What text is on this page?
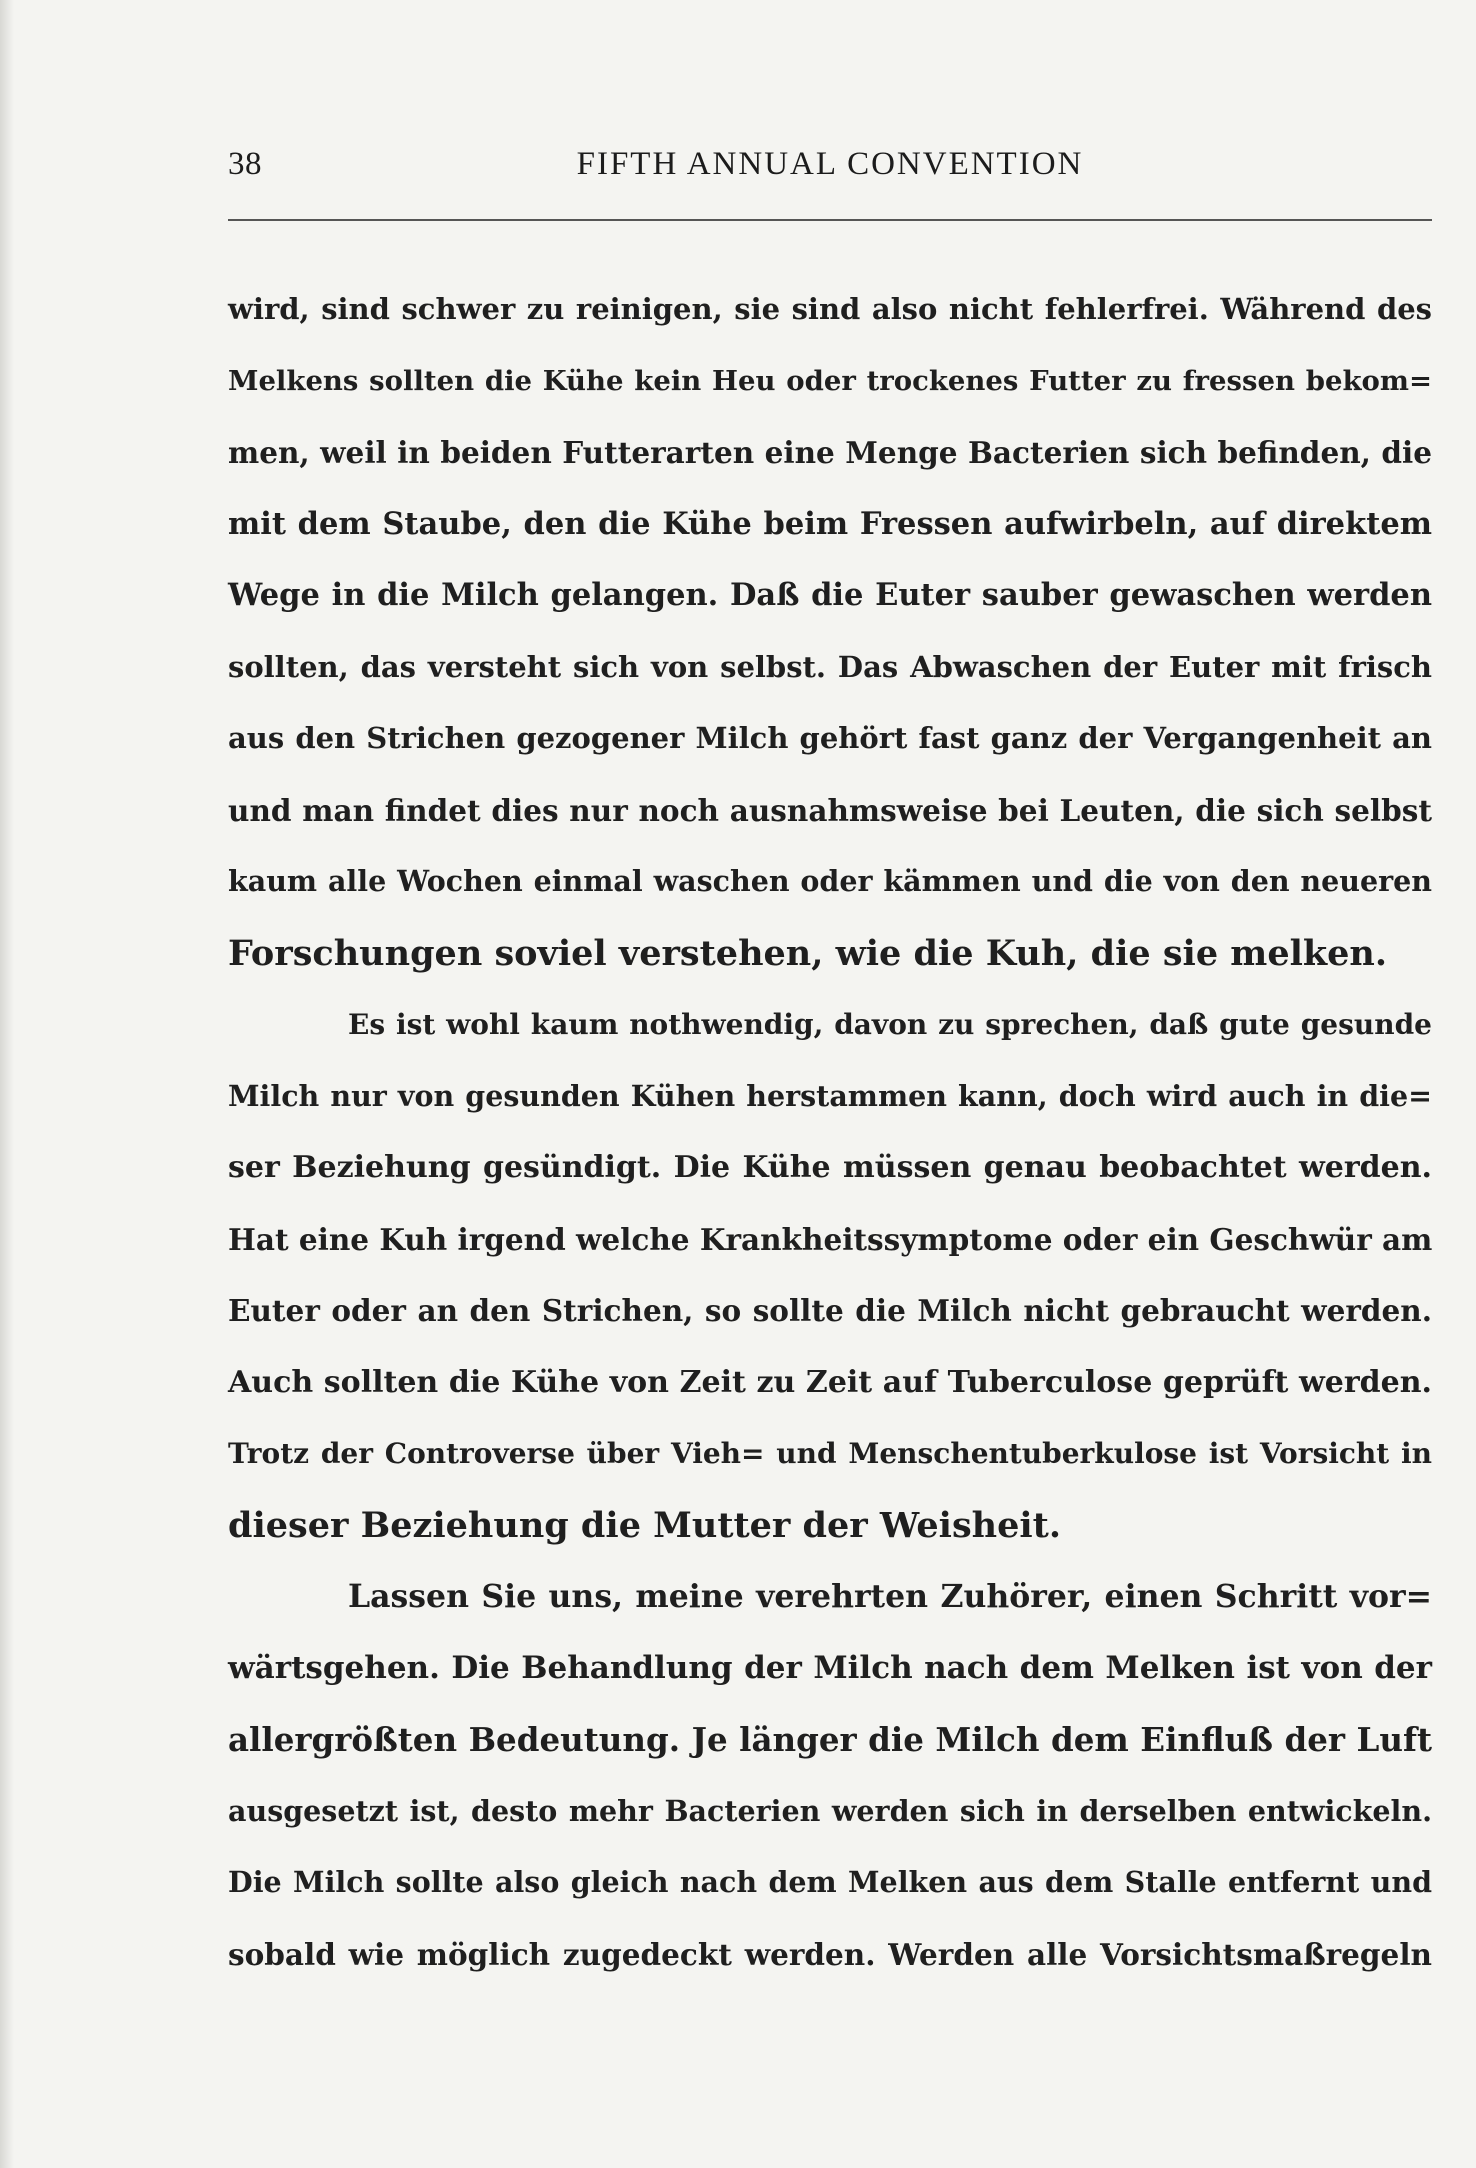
38	FIFTH ANNUAL CONVENTION
wird, sind schwer zu reinigen, sie sind also nicht fehlerfrei. Während des
Melkens sollten die Kühe kein Heu oder trockenes Futter zu fressen bekom=
men, weil in beiden Futterarten eine Menge Bacterien sich befinden, die
mit dem Staube, den die Kühe beim Fressen aufwirbeln, auf direktem
Wege in die Milch gelangen. Daß die Euter sauber gewaschen werden
sollten, das versteht sich von selbst. Das Abwaschen der Euter mit frisch
aus den Strichen gezogener Milch gehört fast ganz der Vergangenheit an
und man findet dies nur noch ausnahmsweise bei Leuten, die sich selbst
kaum alle Wochen einmal waschen oder kämmen und die von den neueren
Forschungen soviel verstehen, wie die Kuh, die sie melken.
Es ist wohl kaum nothwendig, davon zu sprechen, daß gute gesunde
Milch nur von gesunden Kühen herstammen kann, doch wird auch in die=
ser Beziehung gesündigt. Die Kühe müssen genau beobachtet werden.
Hat eine Kuh irgend welche Krankheitssymptome oder ein Geschwür am
Euter oder an den Strichen, so sollte die Milch nicht gebraucht werden.
Auch sollten die Kühe von Zeit zu Zeit auf Tuberculose geprüft werden.
Trotz der Controverse über Vieh= und Menschentuberkulose ist Vorsicht in
dieser Beziehung die Mutter der Weisheit.
Lassen Sie uns, meine verehrten Zuhörer, einen Schritt vor=
wärtsgehen. Die Behandlung der Milch nach dem Melken ist von der
allergrößten Bedeutung. Je länger die Milch dem Einfluß der Luft
ausgesetzt ist, desto mehr Bacterien werden sich in derselben entwickeln.
Die Milch sollte also gleich nach dem Melken aus dem Stalle entfernt und
sobald wie möglich zugedeckt werden. Werden alle Vorsichtsmaßregeln
